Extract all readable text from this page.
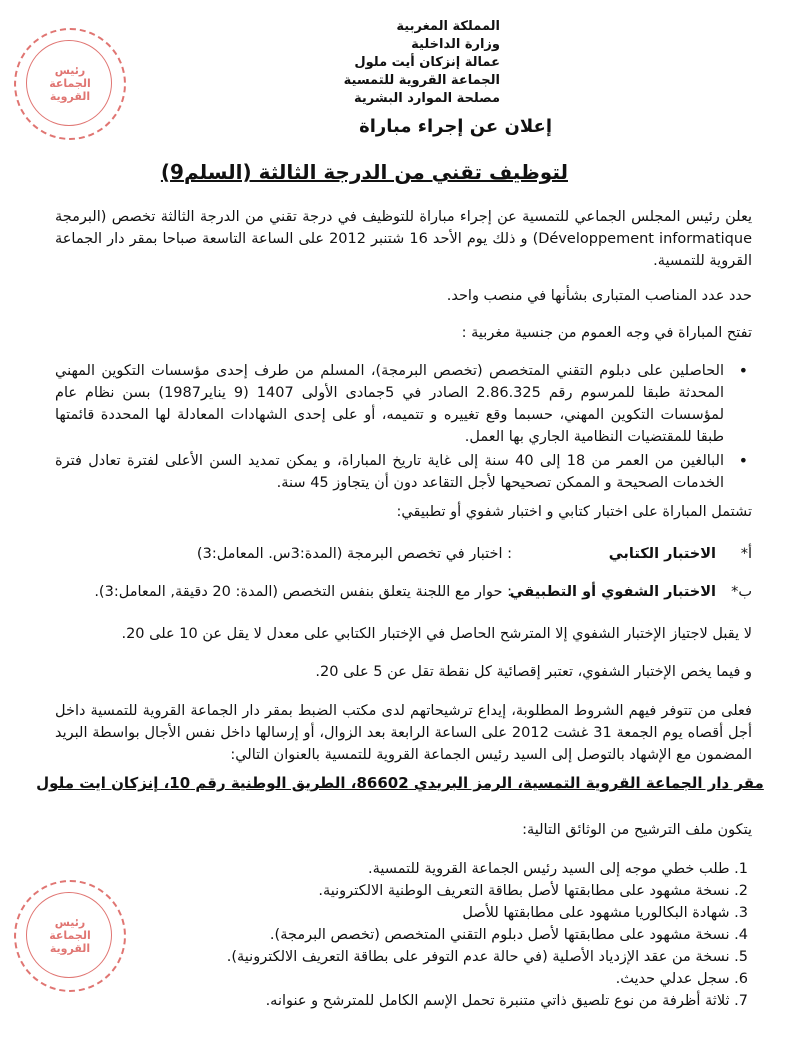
المملكة المغربية
وزارة الداخلية
عمالة إنزكان أيت ملول
الجماعة القروية للتمسية
مصلحة الموارد البشرية
إعلان عن إجراء مباراة
لتوظيف تقني من الدرجة الثالثة (السلم9)
رئيس
الجماعة
القروية
رئيس
الجماعة
القروية
يعلن رئيس المجلس الجماعي للتمسية عن إجراء مباراة للتوظيف في درجة تقني من الدرجة الثالثة تخصص (البرمجة Développement informatique) و ذلك يوم الأحد 16 شتنبر 2012 على الساعة التاسعة صباحا بمقر دار الجماعة القروية للتمسية.
حدد عدد المناصب المتبارى بشأنها في منصب واحد.
تفتح المباراة في وجه العموم من جنسية مغربية :
•
الحاصلين على دبلوم التقني المتخصص (تخصص البرمجة)، المسلم من طرف إحدى مؤسسات التكوين المهني المحدثة طبقا للمرسوم رقم 2.86.325 الصادر في 5جمادى الأولى 1407 (9 يناير1987) بسن نظام عام لمؤسسات التكوين المهني، حسبما وقع تغييره و تتميمه، أو على إحدى الشهادات المعادلة لها المحددة قائمتها طبقا للمقتضيات النظامية الجاري بها العمل.
•
البالغين من العمر من 18 إلى 40 سنة إلى غاية تاريخ المباراة، و يمكن تمديد السن الأعلى لفترة تعادل فترة الخدمات الصحيحة و الممكن تصحيحها لأجل التقاعد دون أن يتجاوز 45 سنة.
تشتمل المباراة على اختبار كتابي و اختبار شفوي أو تطبيقي:
أ*
الاختبار الكتابي
: اختبار في تخصص البرمجة (المدة:3س. المعامل:3)
ب*
الاختبار الشفوي أو التطبيقي
: حوار مع اللجنة يتعلق بنفس التخصص (المدة: 20 دقيقة, المعامل:3).
لا يقبل لاجتياز الإختبار الشفوي إلا المترشح الحاصل في الإختبار الكتابي على معدل لا يقل عن 10 على 20.
و فيما يخص الإختبار الشفوي، تعتبر إقصائية كل نقطة تقل عن 5 على 20.
فعلى من تتوفر فيهم الشروط المطلوبة، إيداع ترشيحاتهم لدى مكتب الضبط بمقر دار الجماعة القروية للتمسية داخل أجل أقصاه يوم الجمعة 31 غشت 2012 على الساعة الرابعة بعد الزوال، أو إرسالها داخل نفس الأجال بواسطة البريد المضمون مع الإشهاد بالتوصل إلى السيد رئيس الجماعة القروية للتمسية بالعنوان التالي:
مقر دار الجماعة القروية التمسية، الرمز البريدي 86602، الطريق الوطنية رقم 10، إنزكان ايت ملول
يتكون ملف الترشيح من الوثائق التالية:
1. طلب خطي موجه إلى السيد رئيس الجماعة القروية للتمسية.
2. نسخة مشهود على مطابقتها لأصل بطاقة التعريف الوطنية الالكترونية.
3. شهادة البكالوريا مشهود على مطابقتها للأصل
4. نسخة مشهود على مطابقتها لأصل دبلوم التقني المتخصص (تخصص البرمجة).
5. نسخة من عقد الإزدياد الأصلية (في حالة عدم التوفر على بطاقة التعريف الالكترونية).
6. سجل عدلي حديث.
7. ثلاثة أظرفة من نوع تلصيق ذاتي متنبرة تحمل الإسم الكامل للمترشح و عنوانه.
